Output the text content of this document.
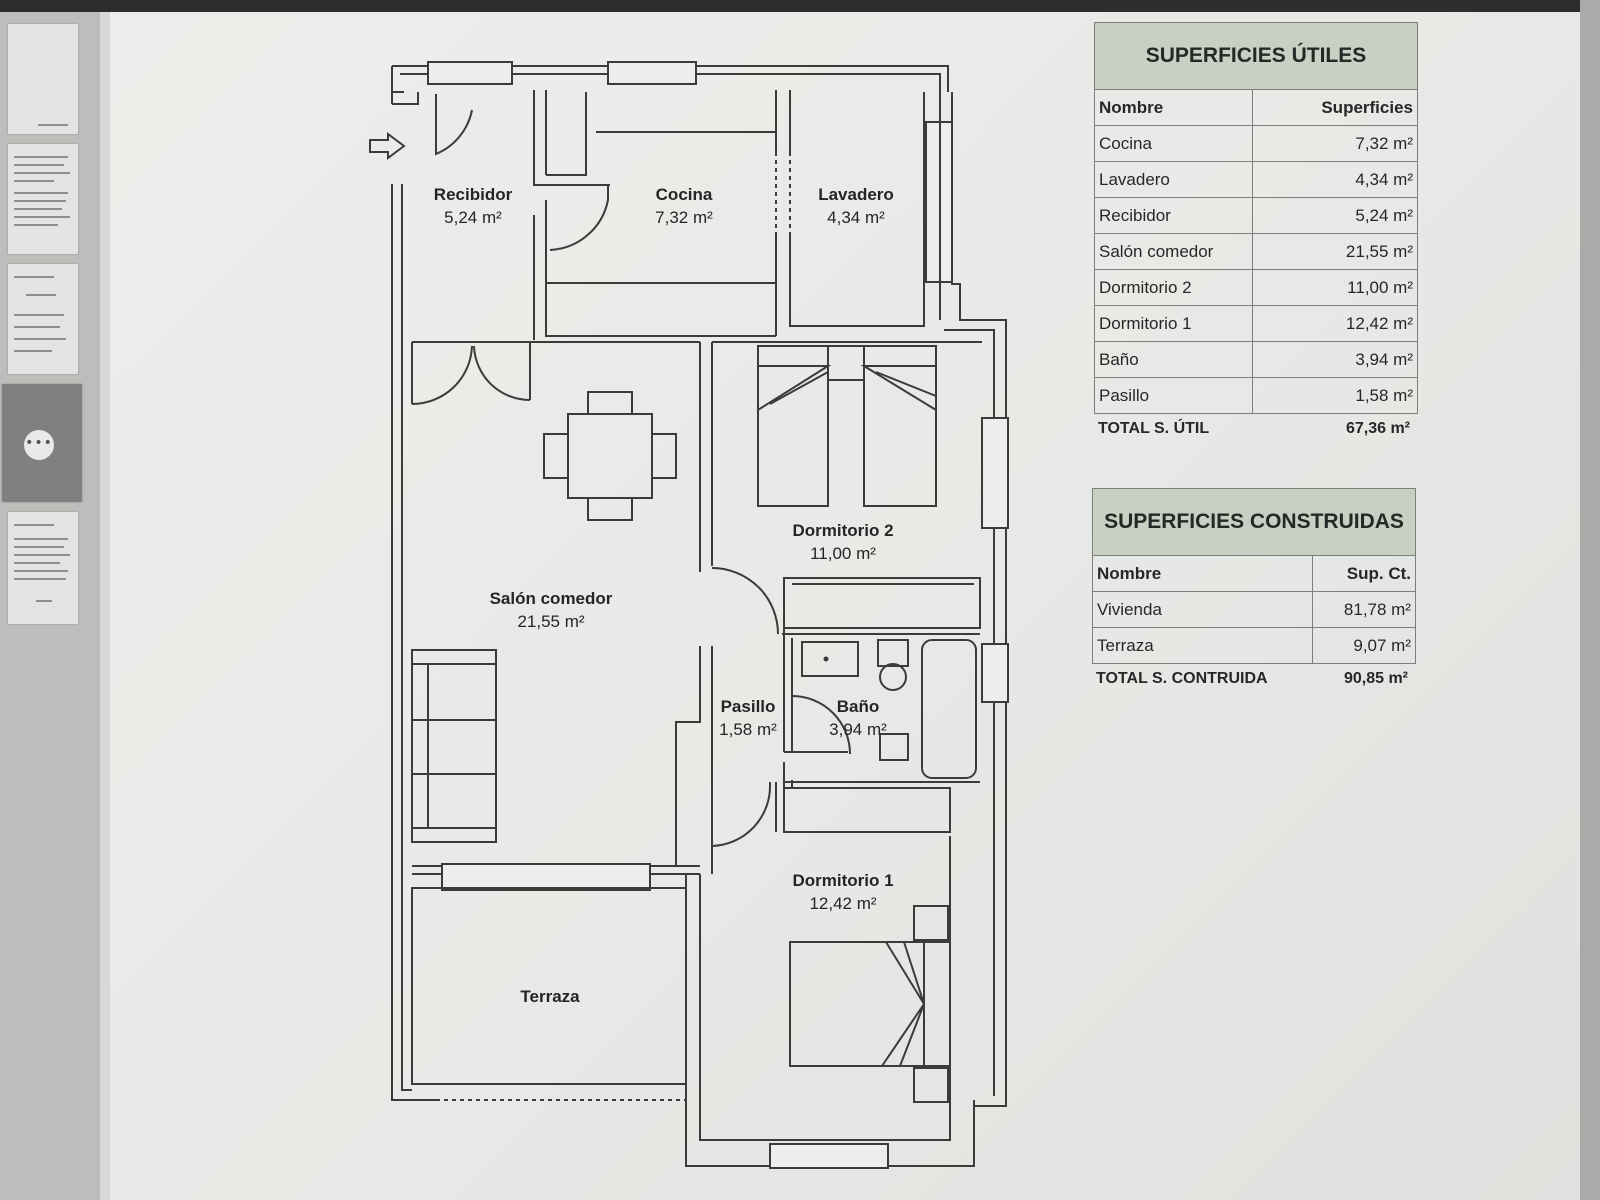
•••
Recibidor
5,24 m²
Cocina
7,32 m²
Lavadero
4,34 m²
Salón comedor
21,55 m²
Dormitorio 2
11,00 m²
Pasillo
1,58 m²
Baño
3,94 m²
Dormitorio 1
12,42 m²
Terraza
SUPERFICIES ÚTILES
Nombre	Superficies
Cocina	7,32 m²
Lavadero	4,34 m²
Recibidor	5,24 m²
Salón comedor	21,55 m²
Dormitorio 2	11,00 m²
Dormitorio 1	12,42 m²
Baño	3,94 m²
Pasillo	1,58 m²
TOTAL S. ÚTIL	67,36 m²
SUPERFICIES CONSTRUIDAS
Nombre	Sup. Ct.
Vivienda	81,78 m²
Terraza	9,07 m²
TOTAL S. CONTRUIDA	90,85 m²
